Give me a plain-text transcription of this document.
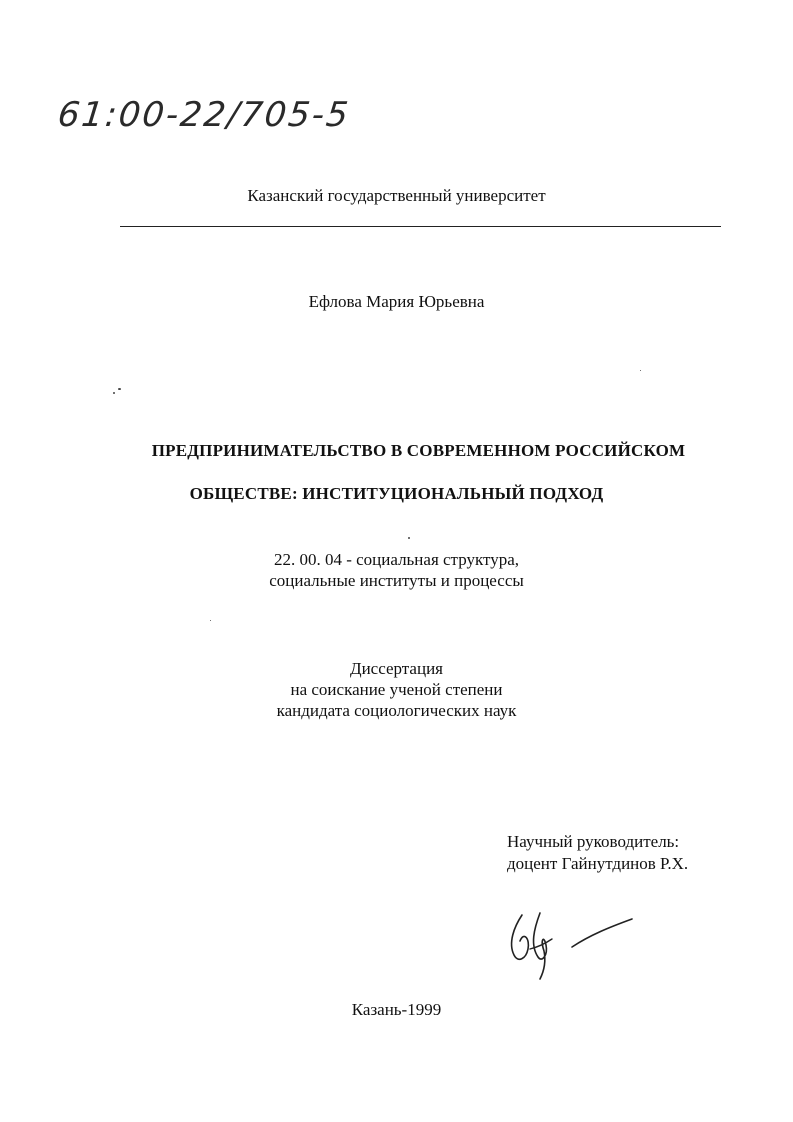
61:00-22/705-5
Казанский государственный университет
Ефлова Мария Юрьевна
ПРЕДПРИНИМАТЕЛЬСТВО В СОВРЕМЕННОМ РОССИЙСКОМ
ОБЩЕСТВЕ: ИНСТИТУЦИОНАЛЬНЫЙ ПОДХОД
22. 00. 04 - социальная структура,
социальные институты и процессы
Диссертация
на соискание ученой степени
кандидата социологических наук
Научный руководитель:
доцент Гайнутдинов Р.Х.
Казань-1999
